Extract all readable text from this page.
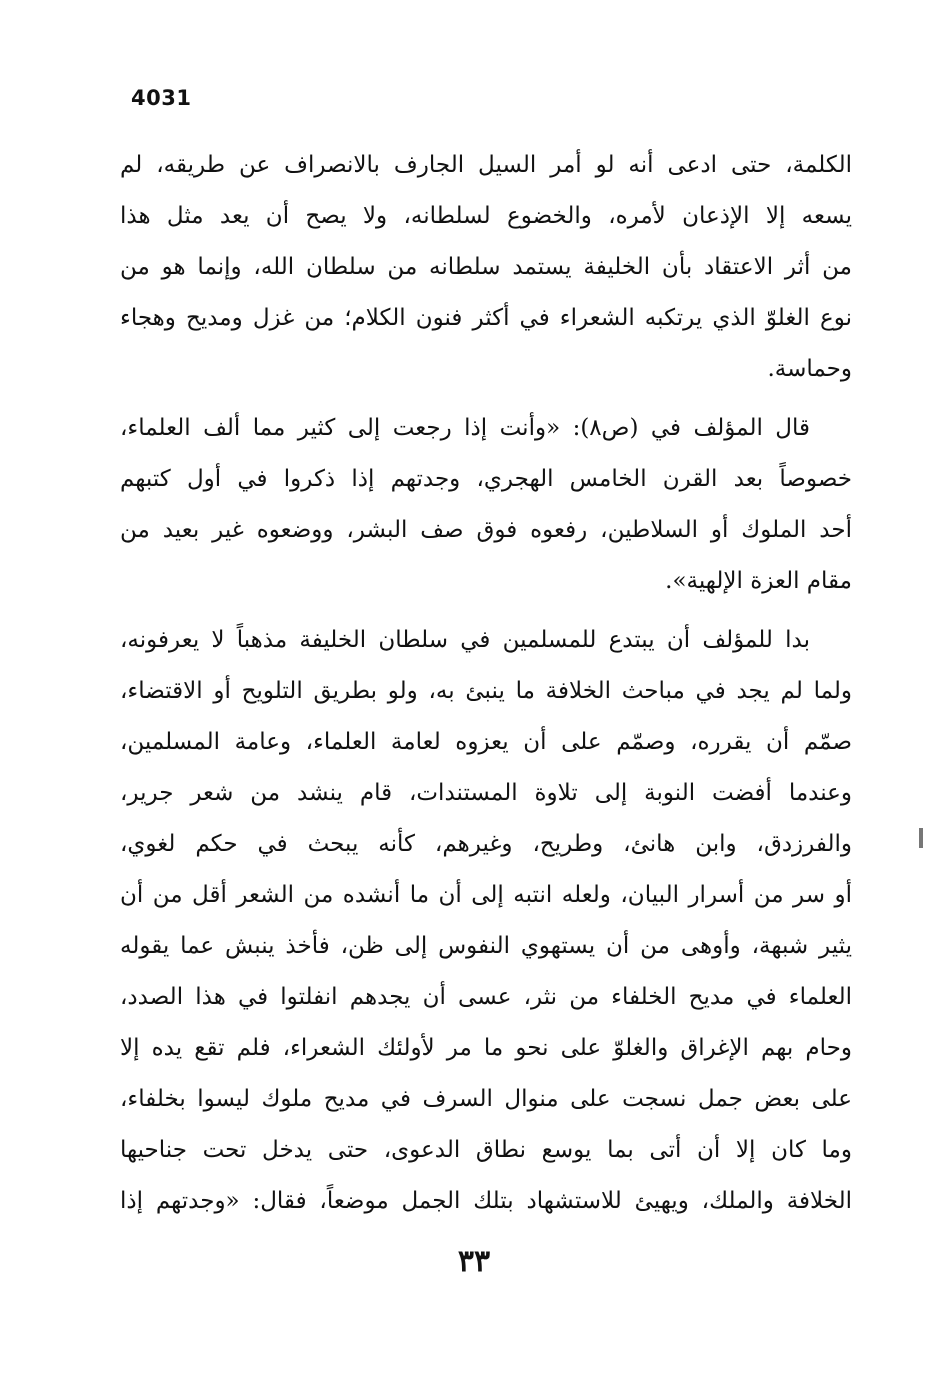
4031
الكلمة، حتى ادعى أنه لو أمر السيل الجارف بالانصراف عن طريقه، لم
يسعه إلا الإذعان لأمره، والخضوع لسلطانه، ولا يصح أن يعد مثل هذا
من أثر الاعتقاد بأن الخليفة يستمد سلطانه من سلطان الله، وإنما هو من
نوع الغلوّ الذي يرتكبه الشعراء في أكثر فنون الكلام؛ من غزل ومديح وهجاء
وحماسة.
قال المؤلف في (ص٨): «وأنت إذا رجعت إلى كثير مما ألف العلماء،
خصوصاً بعد القرن الخامس الهجري، وجدتهم إذا ذكروا في أول كتبهم
أحد الملوك أو السلاطين، رفعوه فوق صف البشر، ووضعوه غير بعيد من
مقام العزة الإلهية».
بدا للمؤلف أن يبتدع للمسلمين في سلطان الخليفة مذهباً لا يعرفونه،
ولما لم يجد في مباحث الخلافة ما ينبئ به، ولو بطريق التلويح أو الاقتضاء،
صمّم أن يقرره، وصمّم على أن يعزوه لعامة العلماء، وعامة المسلمين،
وعندما أفضت النوبة إلى تلاوة المستندات، قام ينشد من شعر جرير،
والفرزدق، وابن هانئ، وطريح، وغيرهم، كأنه يبحث في حكم لغوي،
أو سر من أسرار البيان، ولعله انتبه إلى أن ما أنشده من الشعر أقل من أن
يثير شبهة، وأوهى من أن يستهوي النفوس إلى ظن، فأخذ ينبش عما يقوله
العلماء في مديح الخلفاء من نثر، عسى أن يجدهم انفلتوا في هذا الصدد،
وحام بهم الإغراق والغلوّ على نحو ما مر لأولئك الشعراء، فلم تقع يده إلا
على بعض جمل نسجت على منوال السرف في مديح ملوك ليسوا بخلفاء،
وما كان إلا أن أتى بما يوسع نطاق الدعوى، حتى يدخل تحت جناحيها
الخلافة والملك، ويهيئ للاستشهاد بتلك الجمل موضعاً، فقال: «وجدتهم إذا
٣٣
